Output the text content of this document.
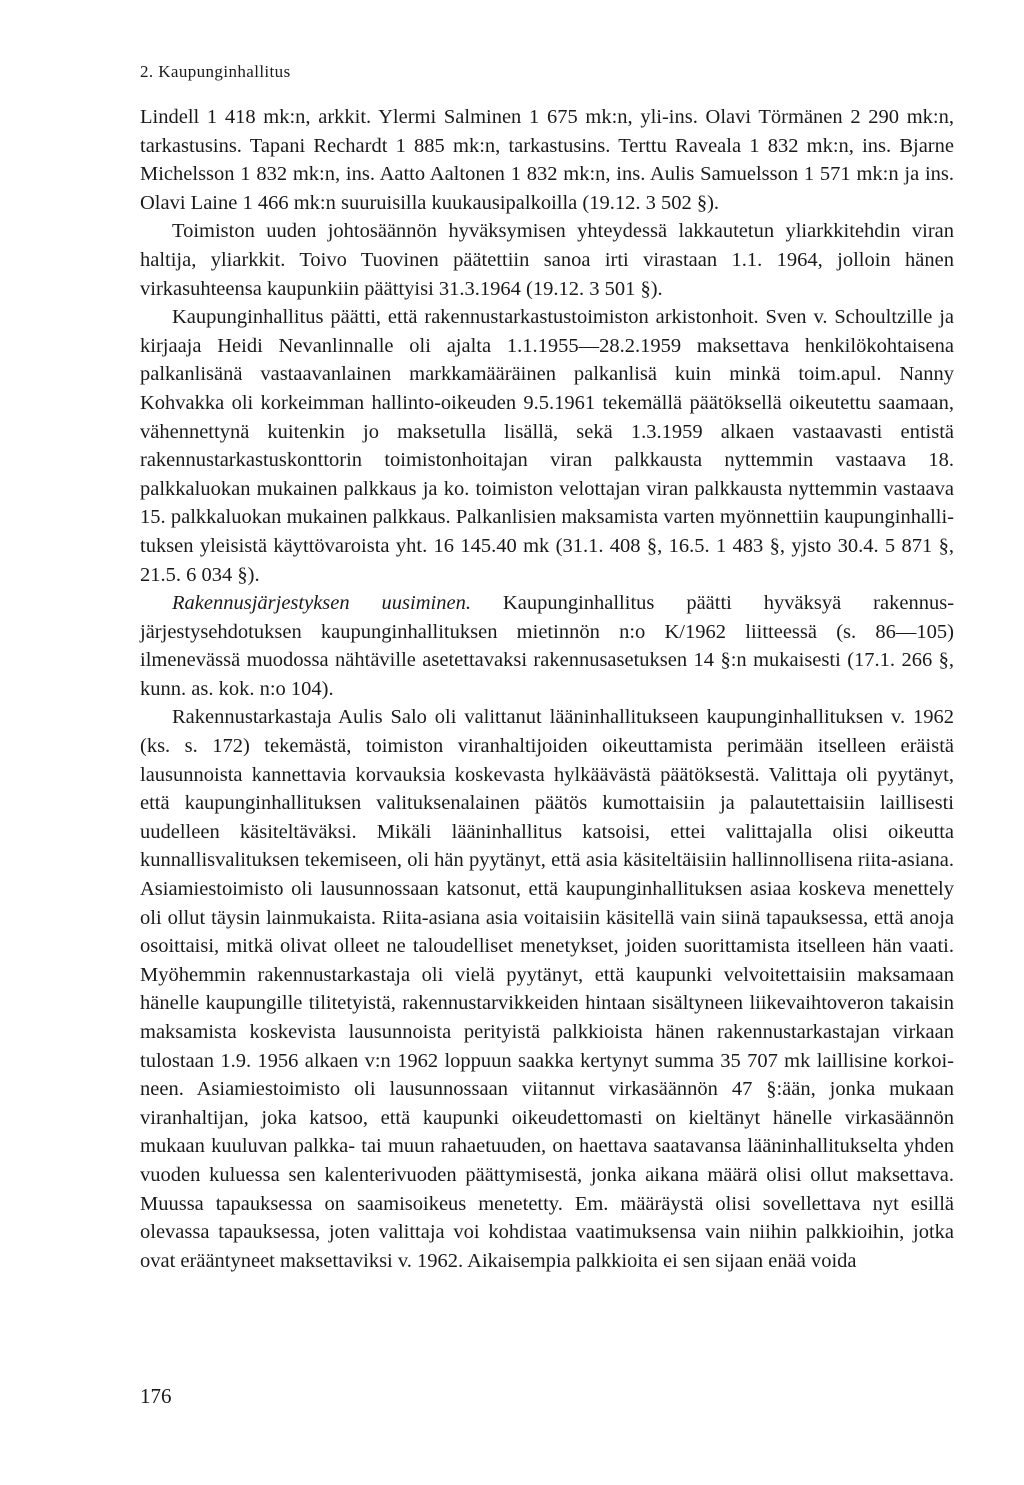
2. Kaupunginhallitus

Lindell 1 418 mk:n, arkkit. Ylermi Salminen 1 675 mk:n, yli-ins. Olavi Törmänen 2 290 mk:n, tarkastusins. Tapani Rechardt 1 885 mk:n, tarkastusins. Terttu Raveala 1 832 mk:n, ins. Bjarne Michelsson 1 832 mk:n, ins. Aatto Aaltonen 1 832 mk:n, ins. Aulis Samuelsson 1 571 mk:n ja ins. Olavi Laine 1 466 mk:n suuruisilla kuukausipalkoilla (19.12. 3 502 §).

Toimiston uuden johtosäännön hyväksymisen yhteydessä lakkautetun yliarkkitehdin viran haltija, yliarkkit. Toivo Tuovinen päätettiin sanoa irti virastaan 1.1. 1964, jolloin hänen virkasuhteensa kaupunkiin päättyisi 31.3.1964 (19.12. 3 501 §).

Kaupunginhallitus päätti, että rakennustarkastustoimiston arkistonhoit. Sven v. Schoultzille ja kirjaaja Heidi Nevanlinnalle oli ajalta 1.1.1955—28.2.1959 maksettava henkilökohtaisena palkanlisänä vastaavanlainen markkamääräinen palkanlisä kuin minkä toim.apul. Nanny Kohvakka oli korkeimman hallinto-oikeuden 9.5.1961 tekemällä päätöksellä oikeutettu saamaan, vähennettynä kuitenkin jo maksetulla lisällä, sekä 1.3.1959 alkaen vastaavasti entistä rakennustarkastuskonttorin toimistonhoitajan viran palkkausta nyttemmin vastaava 18. palkkaluokan mukainen palkkaus ja ko. toimiston velottajan viran palkkausta nyttemmin vastaava 15. palkkaluokan mukainen palkkaus. Palkanlisien maksamista varten myönnettiin kaupunginhallituksen yleisistä käyttövaroista yht. 16 145.40 mk (31.1. 408 §, 16.5. 1 483 §, yjsto 30.4. 5 871 §, 21.5. 6 034 §).

Rakennusjärjestyksen uusiminen. Kaupunginhallitus päätti hyväksyä rakennusjärjestysehdotuksen kaupunginhallituksen mietinnön n:o K/1962 liitteessä (s. 86—105) ilmenevässä muodossa nähtäville asetettavaksi rakennusasetuksen 14 §:n mukaisesti (17.1. 266 §, kunn. as. kok. n:o 104).

Rakennustarkastaja Aulis Salo oli valittanut lääninhallitukseen kaupunginhallituksen v. 1962 (ks. s. 172) tekemästä, toimiston viranhaltijoiden oikeuttamista perimään itselleen eräistä lausunnoista kannettavia korvauksia koskevasta hylkäävästä päätöksestä. Valittaja oli pyytänyt, että kaupunginhallituksen valituksenalainen päätös kumottaisiin ja palautettaisiin laillisesti uudelleen käsiteltäväksi. Mikäli lääninhallitus katsoisi, ettei valittajalla olisi oikeutta kunnallisvalituksen tekemiseen, oli hän pyytänyt, että asia käsiteltäisiin hallinnollisena riita-asiana. Asiamiestoimisto oli lausunnossaan katsonut, että kaupunginhallituksen asiaa koskeva menettely oli ollut täysin lainmukaista. Riita-asiana asia voitaisiin käsitellä vain siinä tapauksessa, että anoja osoittaisi, mitkä olivat olleet ne taloudelliset menetykset, joiden suorittamista itselleen hän vaati. Myöhemmin rakennustarkastaja oli vielä pyytänyt, että kaupunki velvoitettaisiin maksamaan hänelle kaupungille tilitetyistä, rakennustarvikkeiden hintaan sisältyneen liikevaihtoveron takaisin maksamista koskevista lausunnoista perityistä palkkioista hänen rakennustarkastajan virkaan tulostaan 1.9. 1956 alkaen v:n 1962 loppuun saakka kertynyt summa 35 707 mk laillisine korkoineen. Asiamiestoimisto oli lausunnossaan viitannut virkasäännön 47 §:ään, jonka mukaan viranhaltijan, joka katsoo, että kaupunki oikeudettomasti on kieltänyt hänelle virkasäännön mukaan kuuluvan palkka- tai muun rahaetuuden, on haettava saatavansa lääninhallitukselta yhden vuoden kuluessa sen kalenterivuoden päättymisestä, jonka aikana määrä olisi ollut maksettava. Muussa tapauksessa on saamisoikeus menetetty. Em. määräystä olisi sovellettava nyt esillä olevassa tapauksessa, joten valittaja voi kohdistaa vaatimuksensa vain niihin palkkioihin, jotka ovat erääntyneet maksettaviksi v. 1962. Aikaisempia palkkioita ei sen sijaan enää voida

176
